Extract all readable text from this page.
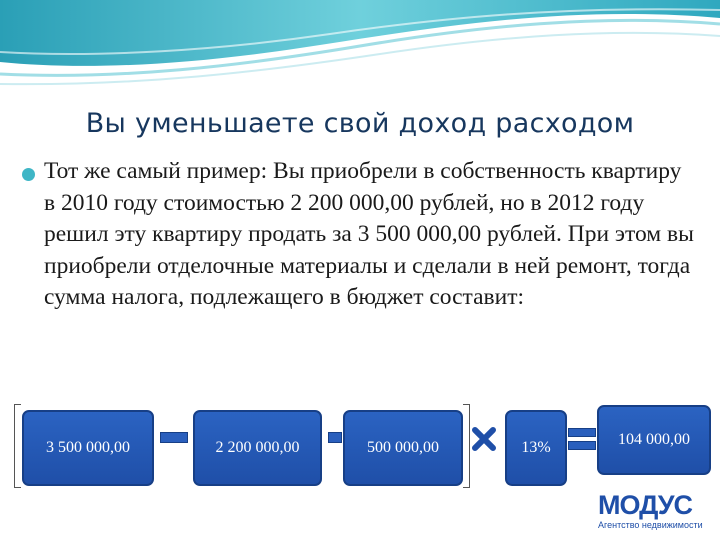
Вы уменьшаете свой доход расходом
Тот же самый пример: Вы приобрели в собственность квартиру в 2010 году стоимостью 2 200 000,00 рублей, но в 2012 году решил эту квартиру продать за 3 500 000,00 рублей. При этом вы приобрели отделочные материалы и сделали в ней ремонт, тогда сумма налога, подлежащего в бюджет составит:
3 500 000,00	2 200 000,00	500 000,00	13%	104 000,00
МОДУС
Агентство недвижимости
